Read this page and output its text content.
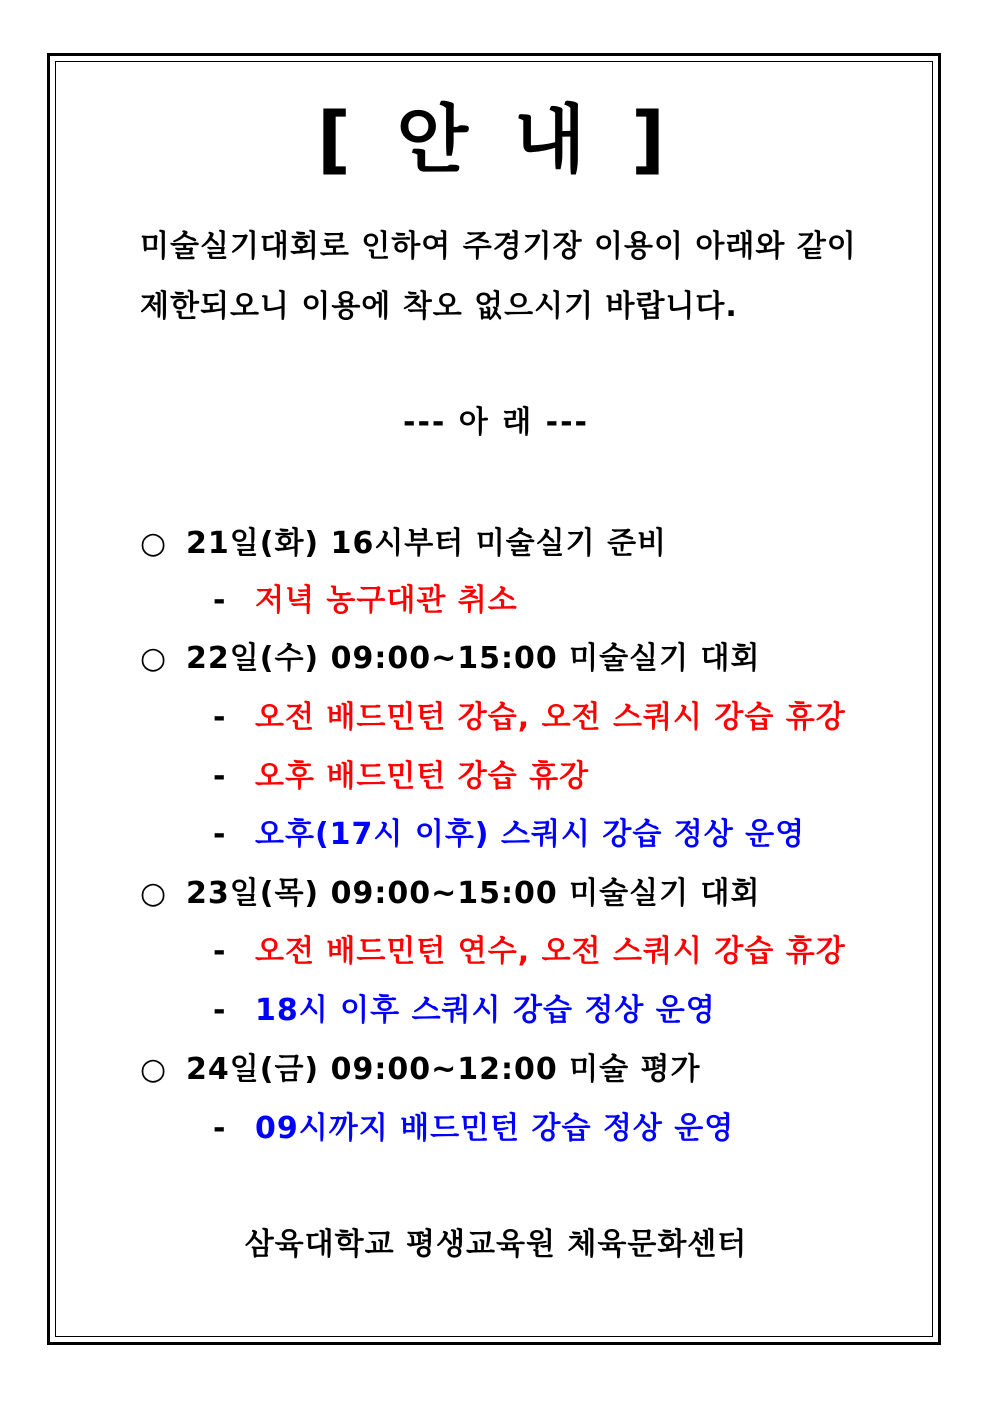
[ 안 내 ]
미술실기대회로 인하여 주경기장 이용이 아래와 같이
제한되오니 이용에 착오 없으시기 바랍니다.
--- 아 래 ---
○ 21일(화) 16시부터 미술실기 준비
- 저녁 농구대관 취소
○ 22일(수) 09:00~15:00 미술실기 대회
- 오전 배드민턴 강습, 오전 스쿼시 강습 휴강
- 오후 배드민턴 강습 휴강
- 오후(17시 이후) 스쿼시 강습 정상 운영
○ 23일(목) 09:00~15:00 미술실기 대회
- 오전 배드민턴 연수, 오전 스쿼시 강습 휴강
- 18시 이후 스쿼시 강습 정상 운영
○ 24일(금) 09:00~12:00 미술 평가
- 09시까지 배드민턴 강습 정상 운영
삼육대학교 평생교육원 체육문화센터
